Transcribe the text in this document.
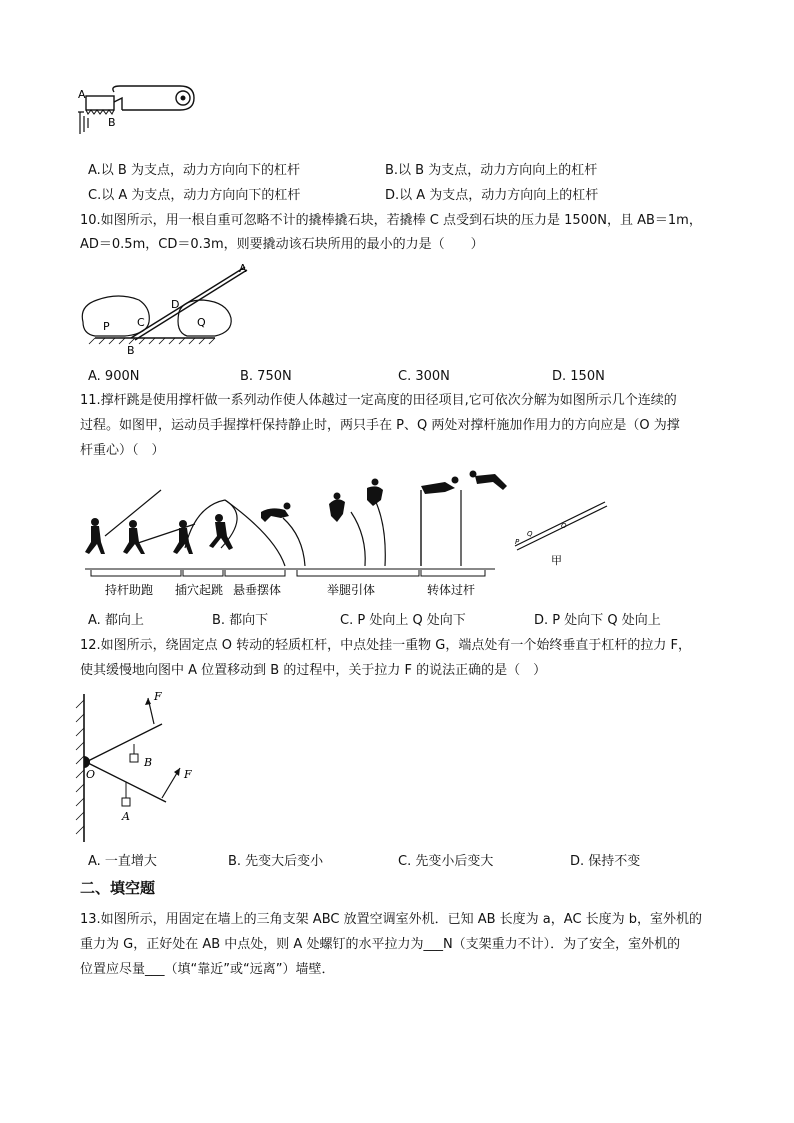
A
B
A.以 B 为支点，动力方向向下的杠杆	B.以 B 为支点，动力方向向上的杠杆
C.以 A 为支点，动力方向向下的杠杆	D.以 A 为支点，动力方向向上的杠杆
10.如图所示，用一根自重可忽略不计的撬棒撬石块，若撬棒 C 点受到石块的压力是 1500N，且 AB＝1m，
AD＝0.5m，CD＝0.3m，则要撬动该石块所用的最小的力是（　　）
A
D
C
P	Q
B
A. 900N	B. 750N	C. 300N	D. 150N
11.撑杆跳是使用撑杆做一系列动作使人体越过一定高度的田径项目,它可依次分解为如图所示几个连续的
过程。如图甲，运动员手握撑杆保持静止时，两只手在 P、Q 两处对撑杆施加作用力的方向应是（O 为撑
杆重心）（　）
持杆助跑 插穴起跳 悬垂摆体	举腿引体	转体过杆
P
Q
O
甲
A. 都向上	B. 都向下	C. P 处向上 Q 处向下	D. P 处向下 Q 处向上
12.如图所示，绕固定点 O 转动的轻质杠杆，中点处挂一重物 G，端点处有一个始终垂直于杠杆的拉力 F，
使其缓慢地向图中 A 位置移动到 B 的过程中，关于拉力 F 的说法正确的是（　）
F
F
O
B
A
A. 一直增大	B. 先变大后变小	C. 先变小后变大	D. 保持不变
二、填空题
13.如图所示，用固定在墙上的三角支架 ABC 放置空调室外机．已知 AB 长度为 a，AC 长度为 b，室外机的
重力为 G，正好处在 AB 中点处，则 A 处螺钉的水平拉力为___N（支架重力不计）．为了安全，室外机的
位置应尽量___（填“靠近”或“远离”）墙壁．
